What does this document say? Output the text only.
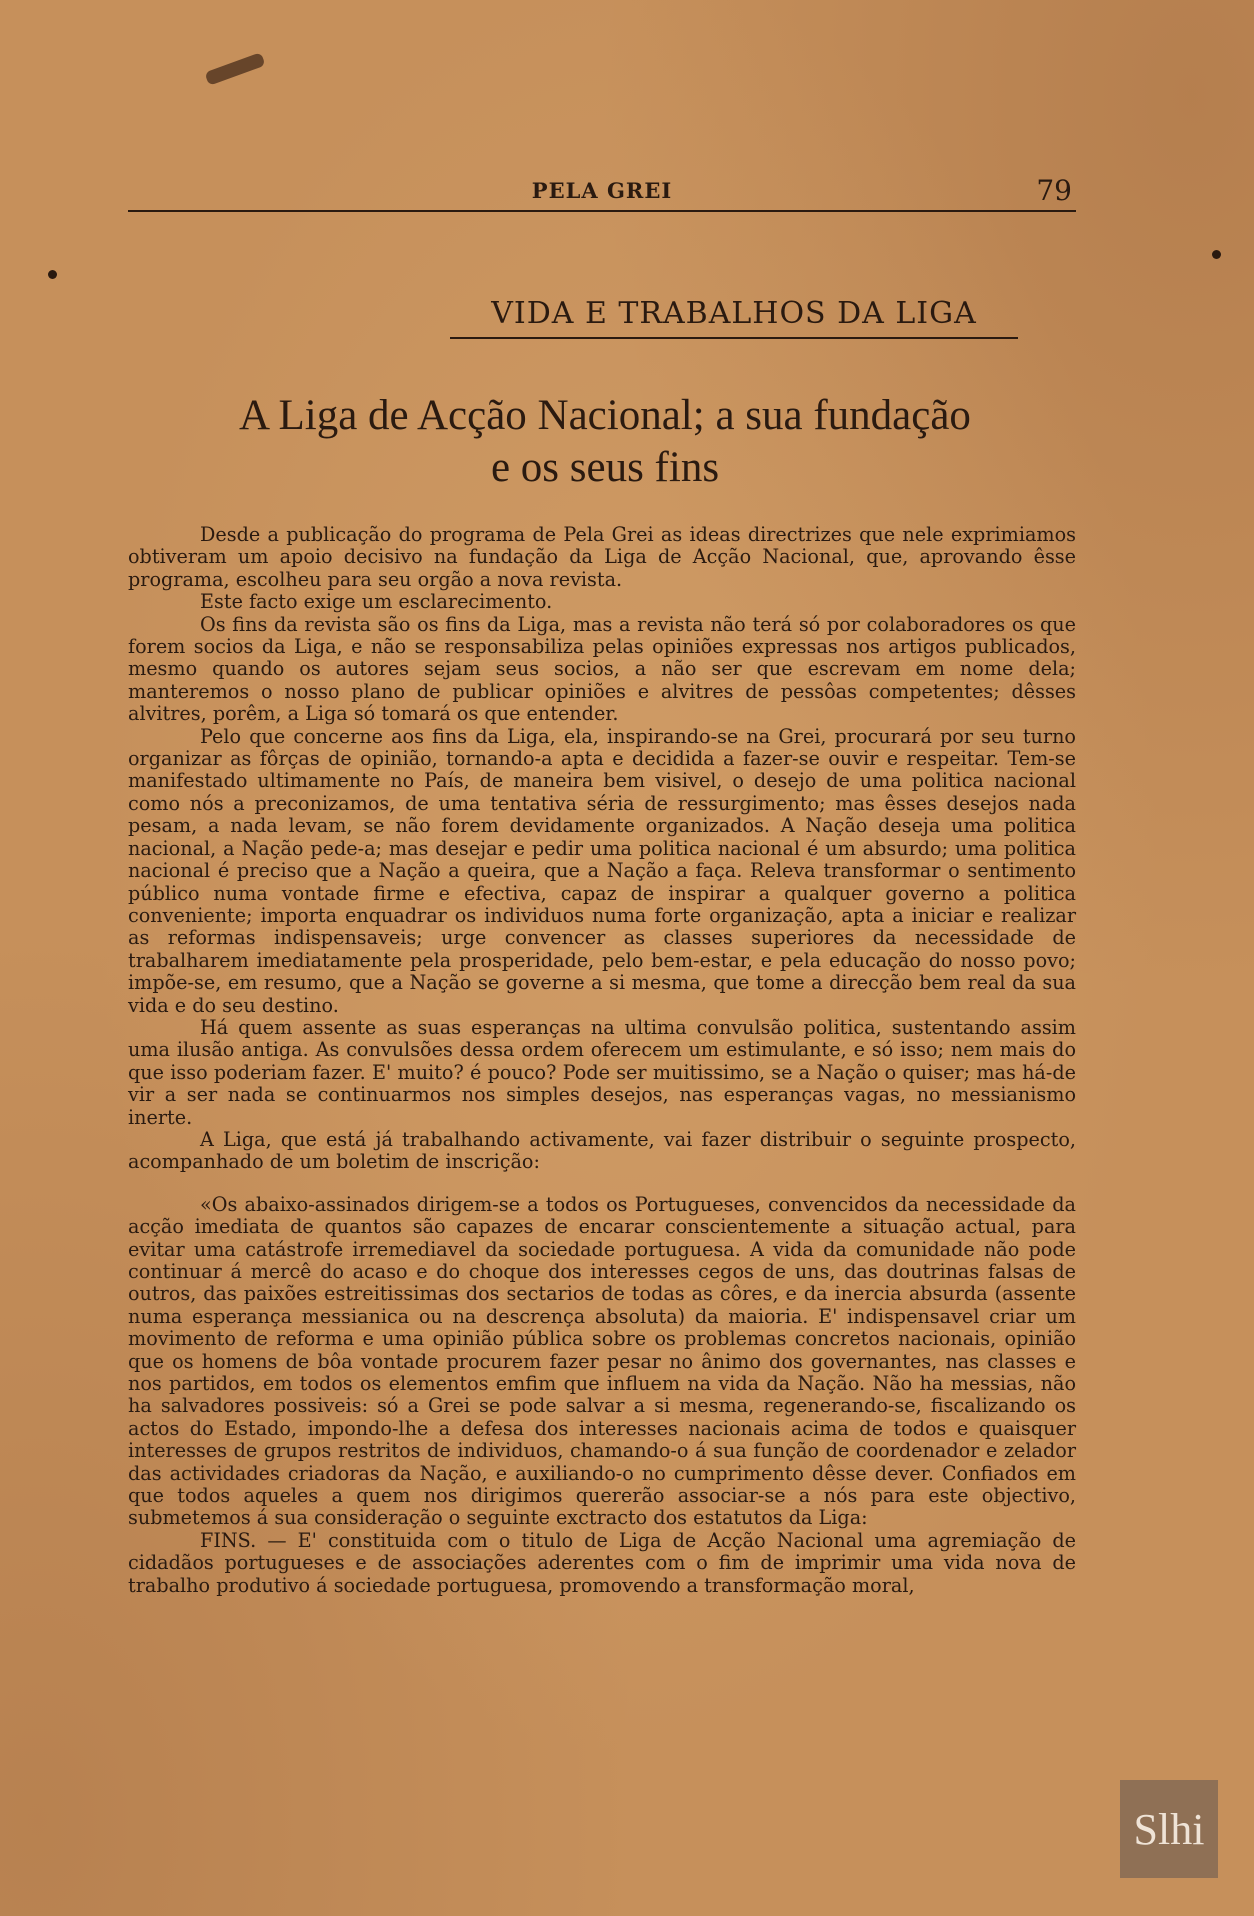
PELA GREI	79
VIDA E TRABALHOS DA LIGA
A Liga de Acção Nacional; a sua fundação
e os seus fins

Desde a publicação do programa de Pela Grei as ideas directrizes que nele exprimiamos obtiveram um apoio decisivo na fundação da Liga de Acção Nacional, que, aprovando êsse programa, escolheu para seu orgão a nova revista.

Este facto exige um esclarecimento.

Os fins da revista são os fins da Liga, mas a revista não terá só por colaboradores os que forem socios da Liga, e não se responsabiliza pelas opiniões expressas nos artigos publicados, mesmo quando os autores sejam seus socios, a não ser que escrevam em nome dela; manteremos o nosso plano de publicar opiniões e alvitres de pessôas competentes; dêsses alvitres, porêm, a Liga só tomará os que entender.

Pelo que concerne aos fins da Liga, ela, inspirando-se na Grei, procurará por seu turno organizar as fôrças de opinião, tornando-a apta e decidida a fazer-se ouvir e respeitar. Tem-se manifestado ultimamente no País, de maneira bem visivel, o desejo de uma politica nacional como nós a preconizamos, de uma tentativa séria de ressurgimento; mas êsses desejos nada pesam, a nada levam, se não forem devidamente organizados. A Nação deseja uma politica nacional, a Nação pede-a; mas desejar e pedir uma politica nacional é um absurdo; uma politica nacional é preciso que a Nação a queira, que a Nação a faça. Releva transformar o sentimento público numa vontade firme e efectiva, capaz de inspirar a qualquer governo a politica conveniente; importa enquadrar os individuos numa forte organização, apta a iniciar e realizar as reformas indispensaveis; urge convencer as classes superiores da necessidade de trabalharem imediatamente pela prosperidade, pelo bem-estar, e pela educação do nosso povo; impõe-se, em resumo, que a Nação se governe a si mesma, que tome a direcção bem real da sua vida e do seu destino.

Há quem assente as suas esperanças na ultima convulsão politica, sustentando assim uma ilusão antiga. As convulsões dessa ordem oferecem um estimulante, e só isso; nem mais do que isso poderiam fazer. E' muito? é pouco? Pode ser muitissimo, se a Nação o quiser; mas há-de vir a ser nada se continuarmos nos simples desejos, nas esperanças vagas, no messianismo inerte.

A Liga, que está já trabalhando activamente, vai fazer distribuir o seguinte prospecto, acompanhado de um boletim de inscrição:

«Os abaixo-assinados dirigem-se a todos os Portugueses, convencidos da necessidade da acção imediata de quantos são capazes de encarar conscientemente a situação actual, para evitar uma catástrofe irremediavel da sociedade portuguesa. A vida da comunidade não pode continuar á mercê do acaso e do choque dos interesses cegos de uns, das doutrinas falsas de outros, das paixões estreitissimas dos sectarios de todas as côres, e da inercia absurda (assente numa esperança messianica ou na descrença absoluta) da maioria. E' indispensavel criar um movimento de reforma e uma opinião pública sobre os problemas concretos nacionais, opinião que os homens de bôa vontade procurem fazer pesar no ânimo dos governantes, nas classes e nos partidos, em todos os elementos emfim que influem na vida da Nação. Não ha messias, não ha salvadores possiveis: só a Grei se pode salvar a si mesma, regenerando-se, fiscalizando os actos do Estado, impondo-lhe a defesa dos interesses nacionais acima de todos e quaisquer interesses de grupos restritos de individuos, chamando-o á sua função de coordenador e zelador das actividades criadoras da Nação, e auxiliando-o no cumprimento dêsse dever. Confiados em que todos aqueles a quem nos dirigimos quererão associar-se a nós para este objectivo, submetemos á sua consideração o seguinte exctracto dos estatutos da Liga:

FINS. — E' constituida com o titulo de Liga de Acção Nacional uma agremiação de cidadãos portugueses e de associações aderentes com o fim de imprimir uma vida nova de trabalho produtivo á sociedade portuguesa, promovendo a transformação moral,

Slhi
